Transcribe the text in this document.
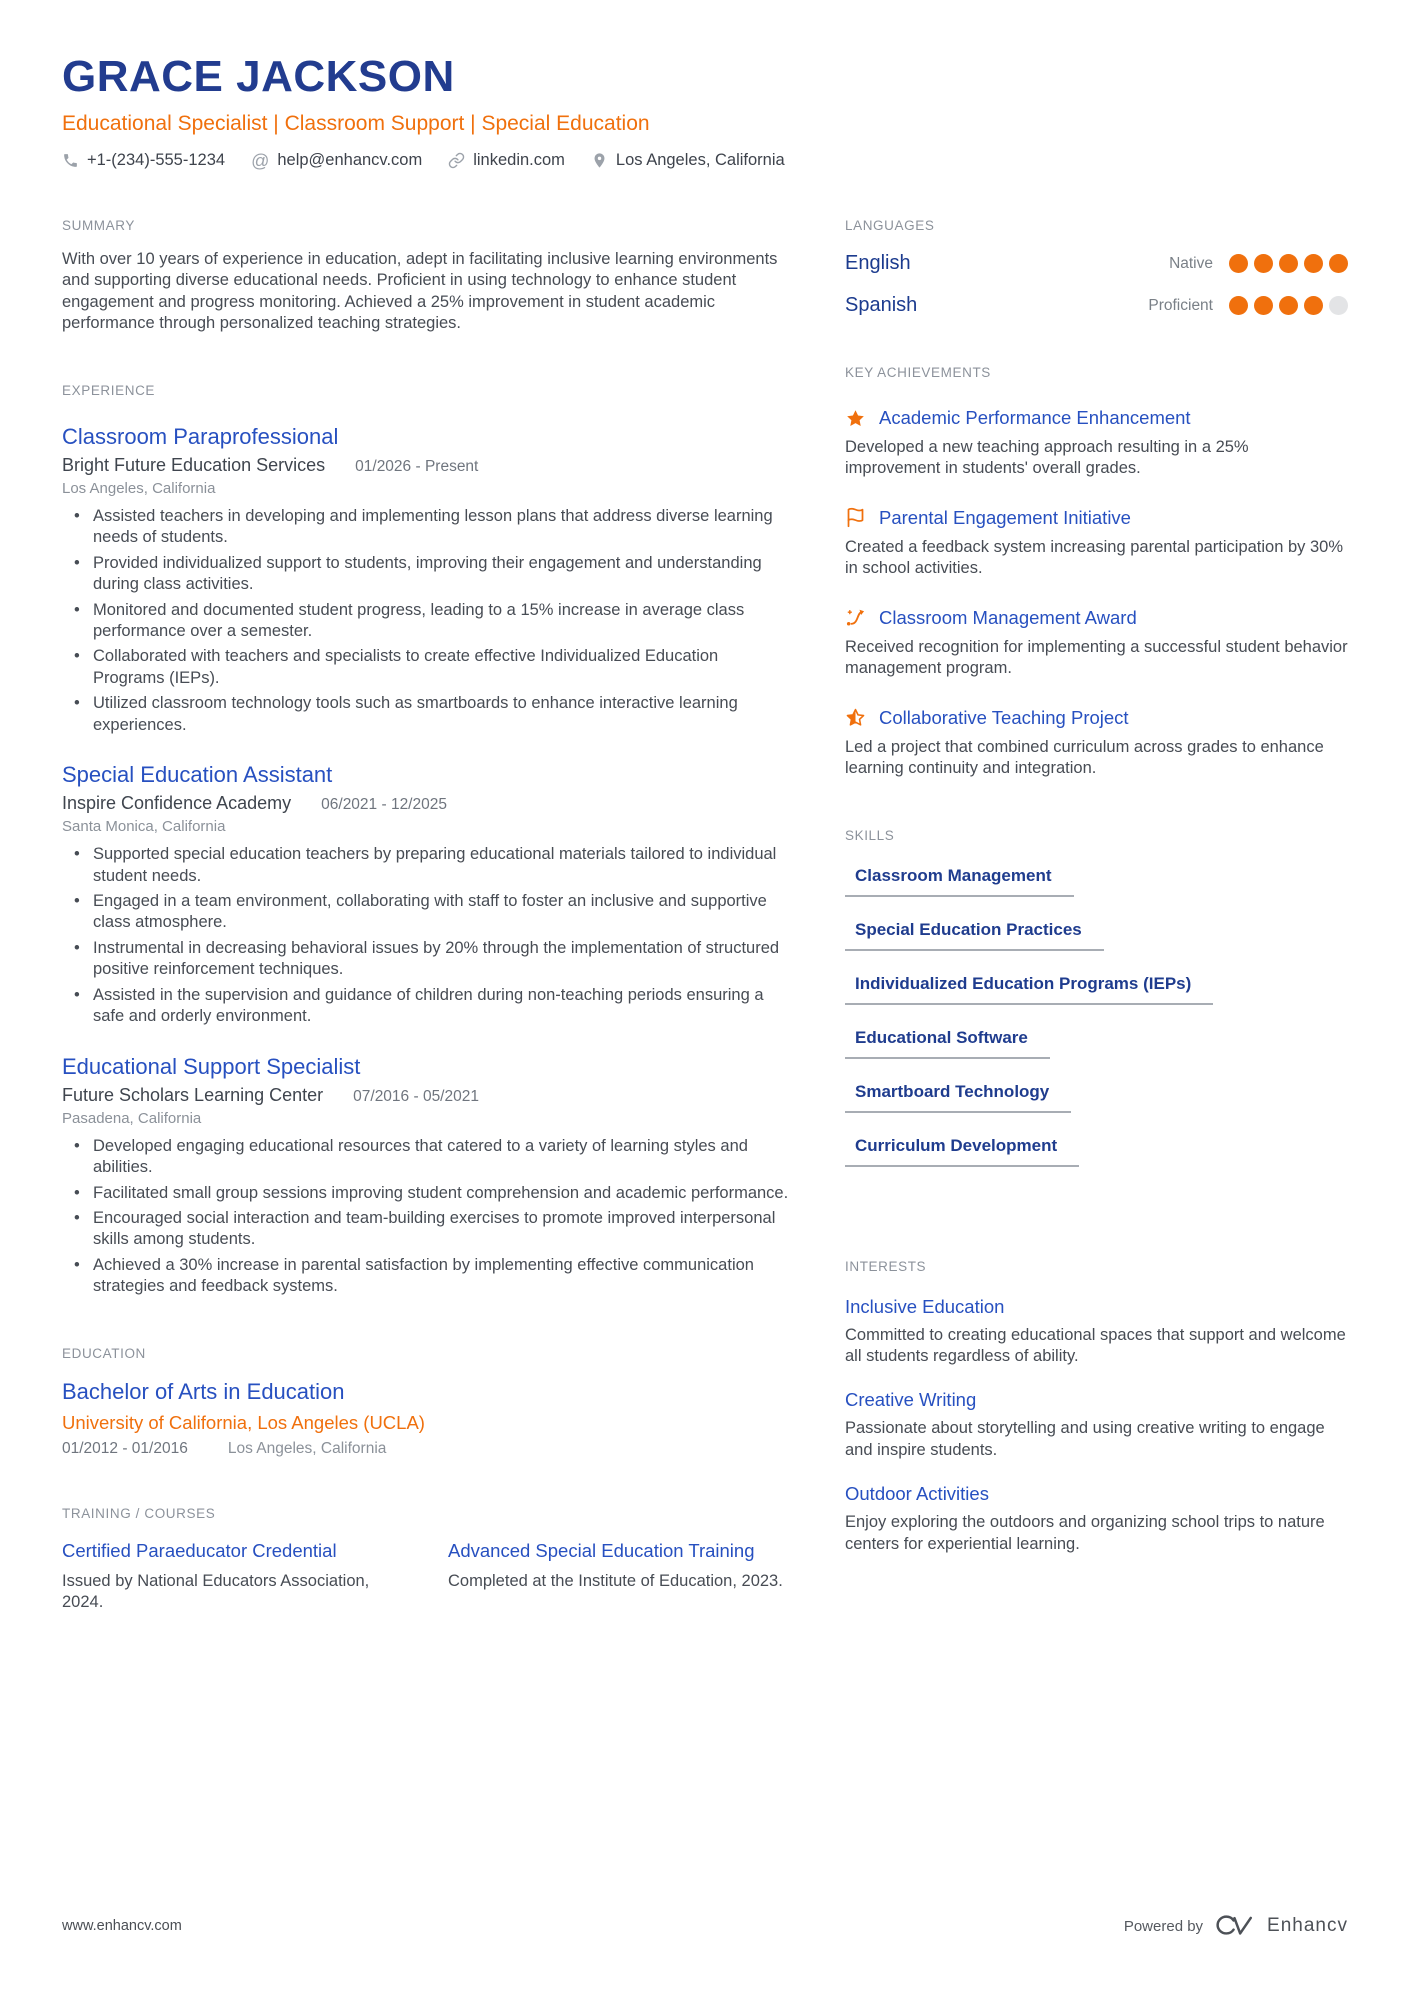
GRACE JACKSON
Educational Specialist | Classroom Support | Special Education
+1-(234)-555-1234 @ help@enhancv.com	linkedin.com	Los Angeles, California
SUMMARY

With over 10 years of experience in education, adept in facilitating inclusive learning environments and supporting diverse educational needs. Proficient in using technology to enhance student engagement and progress monitoring. Achieved a 25% improvement in student academic performance through personalized teaching strategies.

EXPERIENCE
Classroom Paraprofessional
Bright Future Education Services 01/2026 - Present
Los Angeles, California
• Assisted teachers in developing and implementing lesson plans that address diverse learning needs of students.
• Provided individualized support to students, improving their engagement and understanding during class activities.
• Monitored and documented student progress, leading to a 15% increase in average class performance over a semester.
• Collaborated with teachers and specialists to create effective Individualized Education Programs (IEPs).
• Utilized classroom technology tools such as smartboards to enhance interactive learning experiences.
Special Education Assistant
Inspire Confidence Academy 06/2021 - 12/2025
Santa Monica, California
• Supported special education teachers by preparing educational materials tailored to individual student needs.
• Engaged in a team environment, collaborating with staff to foster an inclusive and supportive class atmosphere.
• Instrumental in decreasing behavioral issues by 20% through the implementation of structured positive reinforcement techniques.
• Assisted in the supervision and guidance of children during non-teaching periods ensuring a safe and orderly environment.
Educational Support Specialist
Future Scholars Learning Center 07/2016 - 05/2021
Pasadena, California
• Developed engaging educational resources that catered to a variety of learning styles and abilities.
• Facilitated small group sessions improving student comprehension and academic performance.
• Encouraged social interaction and team-building exercises to promote improved interpersonal skills among students.
• Achieved a 30% increase in parental satisfaction by implementing effective communication strategies and feedback systems.
EDUCATION
Bachelor of Arts in Education
University of California, Los Angeles (UCLA)
01/2012 - 01/2016	Los Angeles, California
TRAINING / COURSES
Certified Paraeducator Credential
Issued by National Educators Association, 2024.
Advanced Special Education Training
Completed at the Institute of Education, 2023.
LANGUAGES
English	Native
Spanish	Proficient
KEY ACHIEVEMENTS
Academic Performance Enhancement
Developed a new teaching approach resulting in a 25% improvement in students' overall grades.
Parental Engagement Initiative
Created a feedback system increasing parental participation by 30% in school activities.
Classroom Management Award
Received recognition for implementing a successful student behavior management program.
Collaborative Teaching Project
Led a project that combined curriculum across grades to enhance learning continuity and integration.
SKILLS
Classroom Management
Special Education Practices
Individualized Education Programs (IEPs)
Educational Software
Smartboard Technology
Curriculum Development
INTERESTS
Inclusive Education
Committed to creating educational spaces that support and welcome all students regardless of ability.
Creative Writing
Passionate about storytelling and using creative writing to engage and inspire students.
Outdoor Activities
Enjoy exploring the outdoors and organizing school trips to nature centers for experiential learning.
www.enhancv.com	Powered by	Enhancv
